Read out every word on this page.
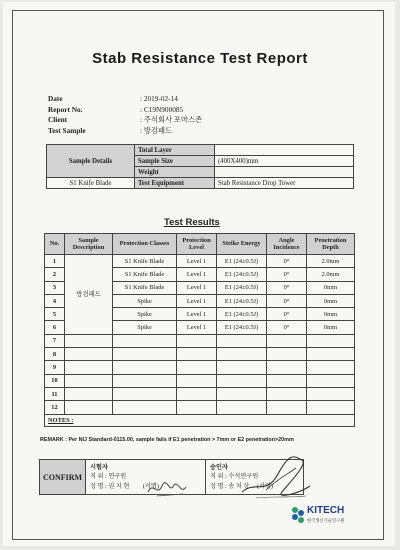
Stab Resistance Test Report
Date	: 2019-02-14
Report No.	: C19N900085
Client	: 주식회사 포마스존
Test Sample	: 방검패드
Sample Details	Total Layer	
	Sample Size	(400X400)mm
	Weight	
S1 Knife Blade	Test Equipment	Stab Resistance Drop Tower
Test Results
No.	Sample Description	Protection Classes	Protection Level	Strike Energy	Angle Incidence	Penetration Depth
1	방검패드	S1 Knife Blade	Level 1	E1 (24±0.5J)	0°	2.0mm
2		S1 Knife Blade	Level 1	E1 (24±0.5J)	0°	2.0mm
3		S1 Knife Blade	Level 1	E1 (24±0.5J)	0°	0mm
4		Spike	Level 1	E1 (24±0.5J)	0°	0mm
5		Spike	Level 1	E1 (24±0.5J)	0°	0mm
6		Spike	Level 1	E1 (24±0.5J)	0°	0mm
7						
8						
9						
10						
11						
12						
NOTES :						
REMARK : Per NIJ Standard-0115.00, sample fails if E1 penetration > 7mm or E2 penetration>20mm
CONFIRM	
시험자
직 위 : 연구원
성 명 : 권 지 현 (서명)

승인자
직 위 : 수석연구원
성 명 : 송 치 상 (서명)
KITECH
한국생산기술연구원
